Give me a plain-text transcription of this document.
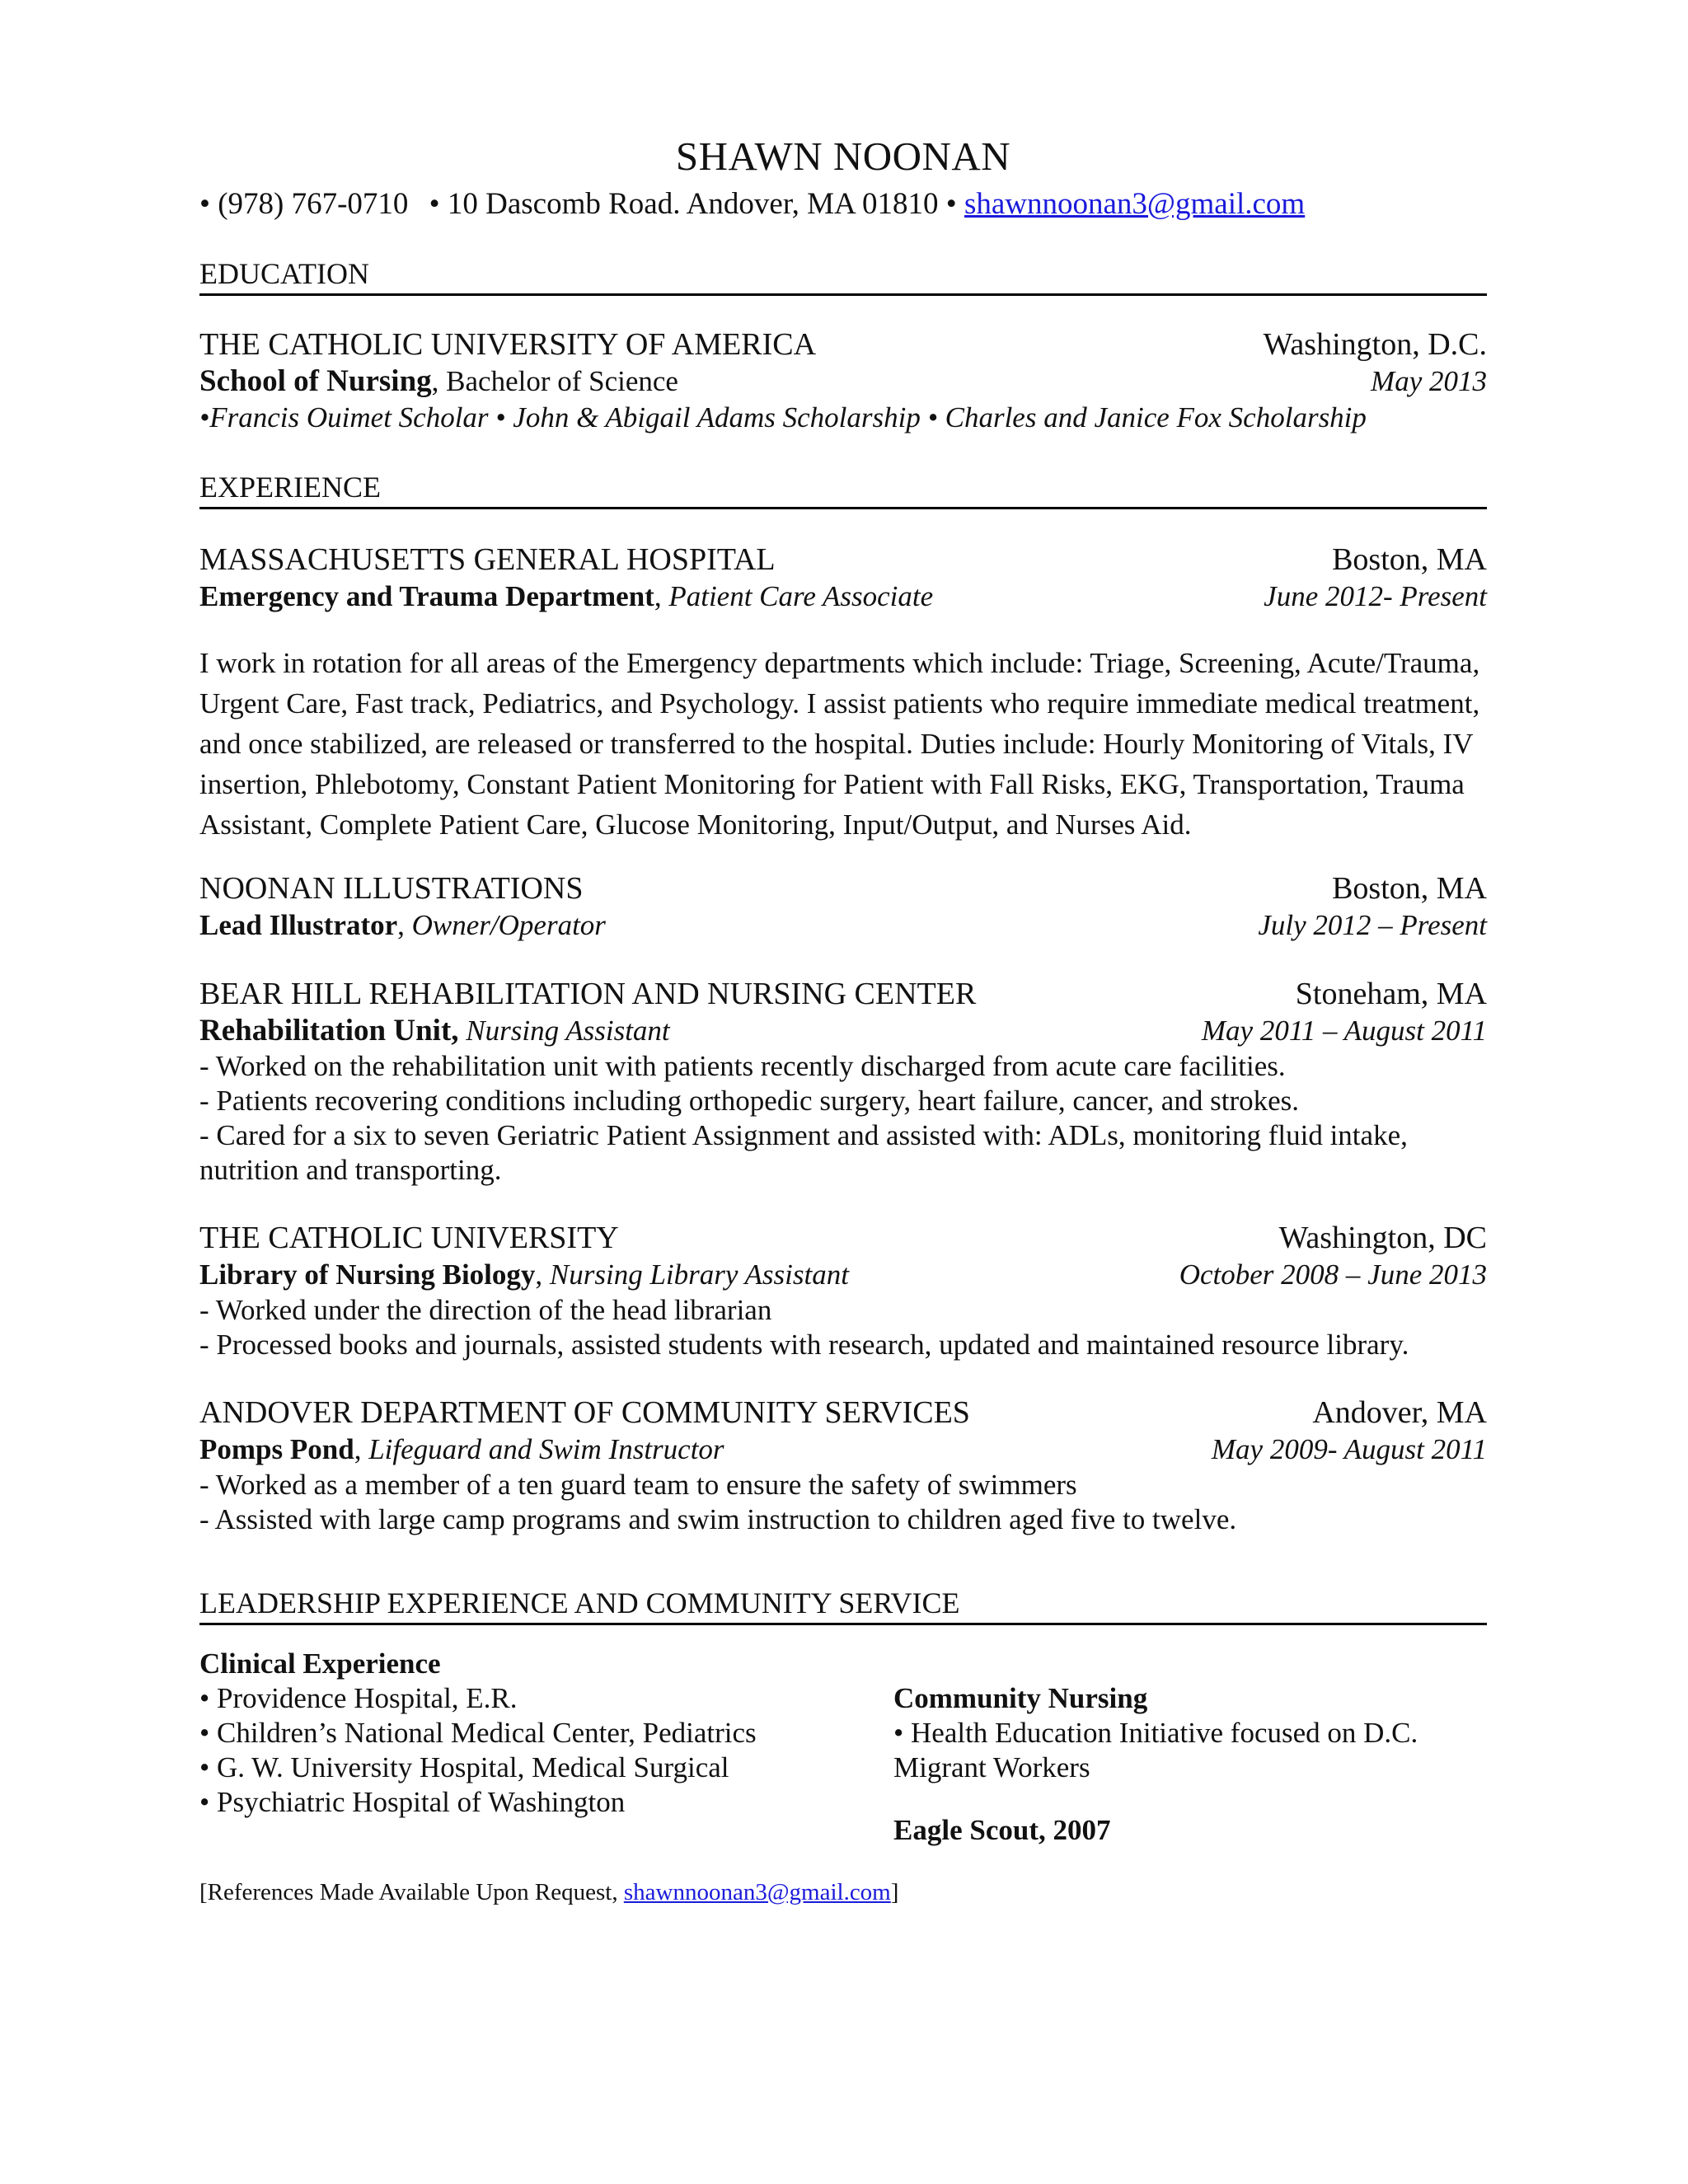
SHAWN NOONAN
• (978) 767-0710 • 10 Dascomb Road. Andover, MA 01810 • shawnnoonan3@gmail.com
EDUCATION
THE CATHOLIC UNIVERSITY OF AMERICA	Washington, D.C.
School of Nursing, Bachelor of Science	May 2013
•Francis Ouimet Scholar • John & Abigail Adams Scholarship • Charles and Janice Fox Scholarship
EXPERIENCE
MASSACHUSETTS GENERAL HOSPITAL	Boston, MA
Emergency and Trauma Department, Patient Care Associate	June 2012- Present
I work in rotation for all areas of the Emergency departments which include: Triage, Screening, Acute/Trauma, Urgent Care, Fast track, Pediatrics, and Psychology. I assist patients who require immediate medical treatment, and once stabilized, are released or transferred to the hospital. Duties include: Hourly Monitoring of Vitals, IV insertion, Phlebotomy, Constant Patient Monitoring for Patient with Fall Risks, EKG, Transportation, Trauma Assistant, Complete Patient Care, Glucose Monitoring, Input/Output, and Nurses Aid.
NOONAN ILLUSTRATIONS	Boston, MA
Lead Illustrator, Owner/Operator	July 2012 – Present
BEAR HILL REHABILITATION AND NURSING CENTER	Stoneham, MA
Rehabilitation Unit, Nursing Assistant	May 2011 – August 2011
- Worked on the rehabilitation unit with patients recently discharged from acute care facilities.
- Patients recovering conditions including orthopedic surgery, heart failure, cancer, and strokes.
- Cared for a six to seven Geriatric Patient Assignment and assisted with: ADLs, monitoring fluid intake, nutrition and transporting.
THE CATHOLIC UNIVERSITY	Washington, DC
Library of Nursing Biology, Nursing Library Assistant	October 2008 – June 2013
- Worked under the direction of the head librarian
- Processed books and journals, assisted students with research, updated and maintained resource library.
ANDOVER DEPARTMENT OF COMMUNITY SERVICES	Andover, MA
Pomps Pond, Lifeguard and Swim Instructor	May 2009- August 2011
- Worked as a member of a ten guard team to ensure the safety of swimmers
- Assisted with large camp programs and swim instruction to children aged five to twelve.
LEADERSHIP EXPERIENCE AND COMMUNITY SERVICE
Clinical Experience
• Providence Hospital, E.R.
• Children’s National Medical Center, Pediatrics
• G. W. University Hospital, Medical Surgical
• Psychiatric Hospital of Washington
Community Nursing
• Health Education Initiative focused on D.C. Migrant Workers
Eagle Scout, 2007
[References Made Available Upon Request, shawnnoonan3@gmail.com]
